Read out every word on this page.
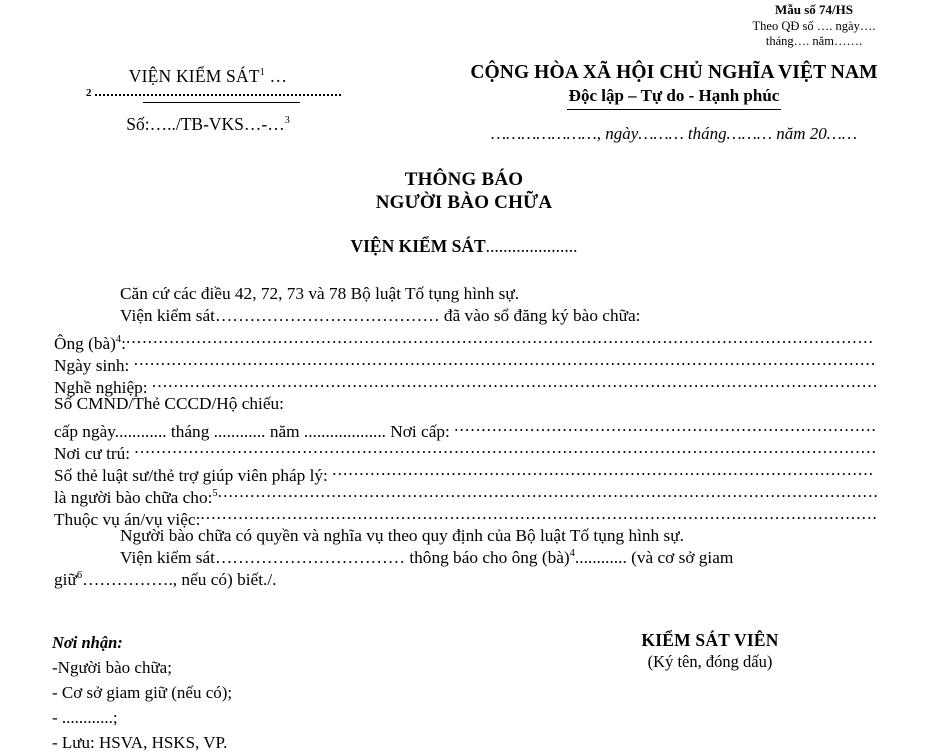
Mẫu số 74/HS
Theo QĐ số …. ngày….
tháng…. năm…….
VIỆN KIỂM SÁT$^1$ …
2
Số:…../TB-VKS…-…$^3$
CỘNG HÒA XÃ HỘI CHỦ NGHĨA VIỆT NAM
Độc lập – Tự do - Hạnh phúc
…………………, ngày……… tháng……… năm 20……
THÔNG BÁO
NGƯỜI BÀO CHỮA
VIỆN KIỂM SÁT.....................
Căn cứ các điều 42, 72, 73 và 78 Bộ luật Tố tụng hình sự.
Viện kiểm sát………………………………… đã vào sổ đăng ký bào chữa:
Ông (bà)$^4$:..........................................................................................................................................
Ngày sinh: .........................................................................................................................................
Nghề nghiệp: ......................................................................................................................................
Số CMND/Thẻ CCCD/Hộ chiếu:
cấp ngày............ tháng ............ năm ................... Nơi cấp: ..............................................................................
Nơi cư trú: .........................................................................................................................................
Số thẻ luật sư/thẻ trợ giúp viên pháp lý: ....................................................................................................
là người bào chữa cho:$^5$..........................................................................................................................
Thuộc vụ án/vụ việc:.............................................................................................................................
Người bào chữa có quyền và nghĩa vụ theo quy định của Bộ luật Tố tụng hình sự.
Viện kiểm sát…………………………… thông báo cho ông (bà)$^4$............ (và cơ sở giam
giữ$^6$……………., nếu có) biết./.
Nơi nhận:
-Người bào chữa;
- Cơ sở giam giữ (nếu có);
- ............;
- Lưu: HSVA, HSKS, VP.
KIỂM SÁT VIÊN
(Ký tên, đóng dấu)
